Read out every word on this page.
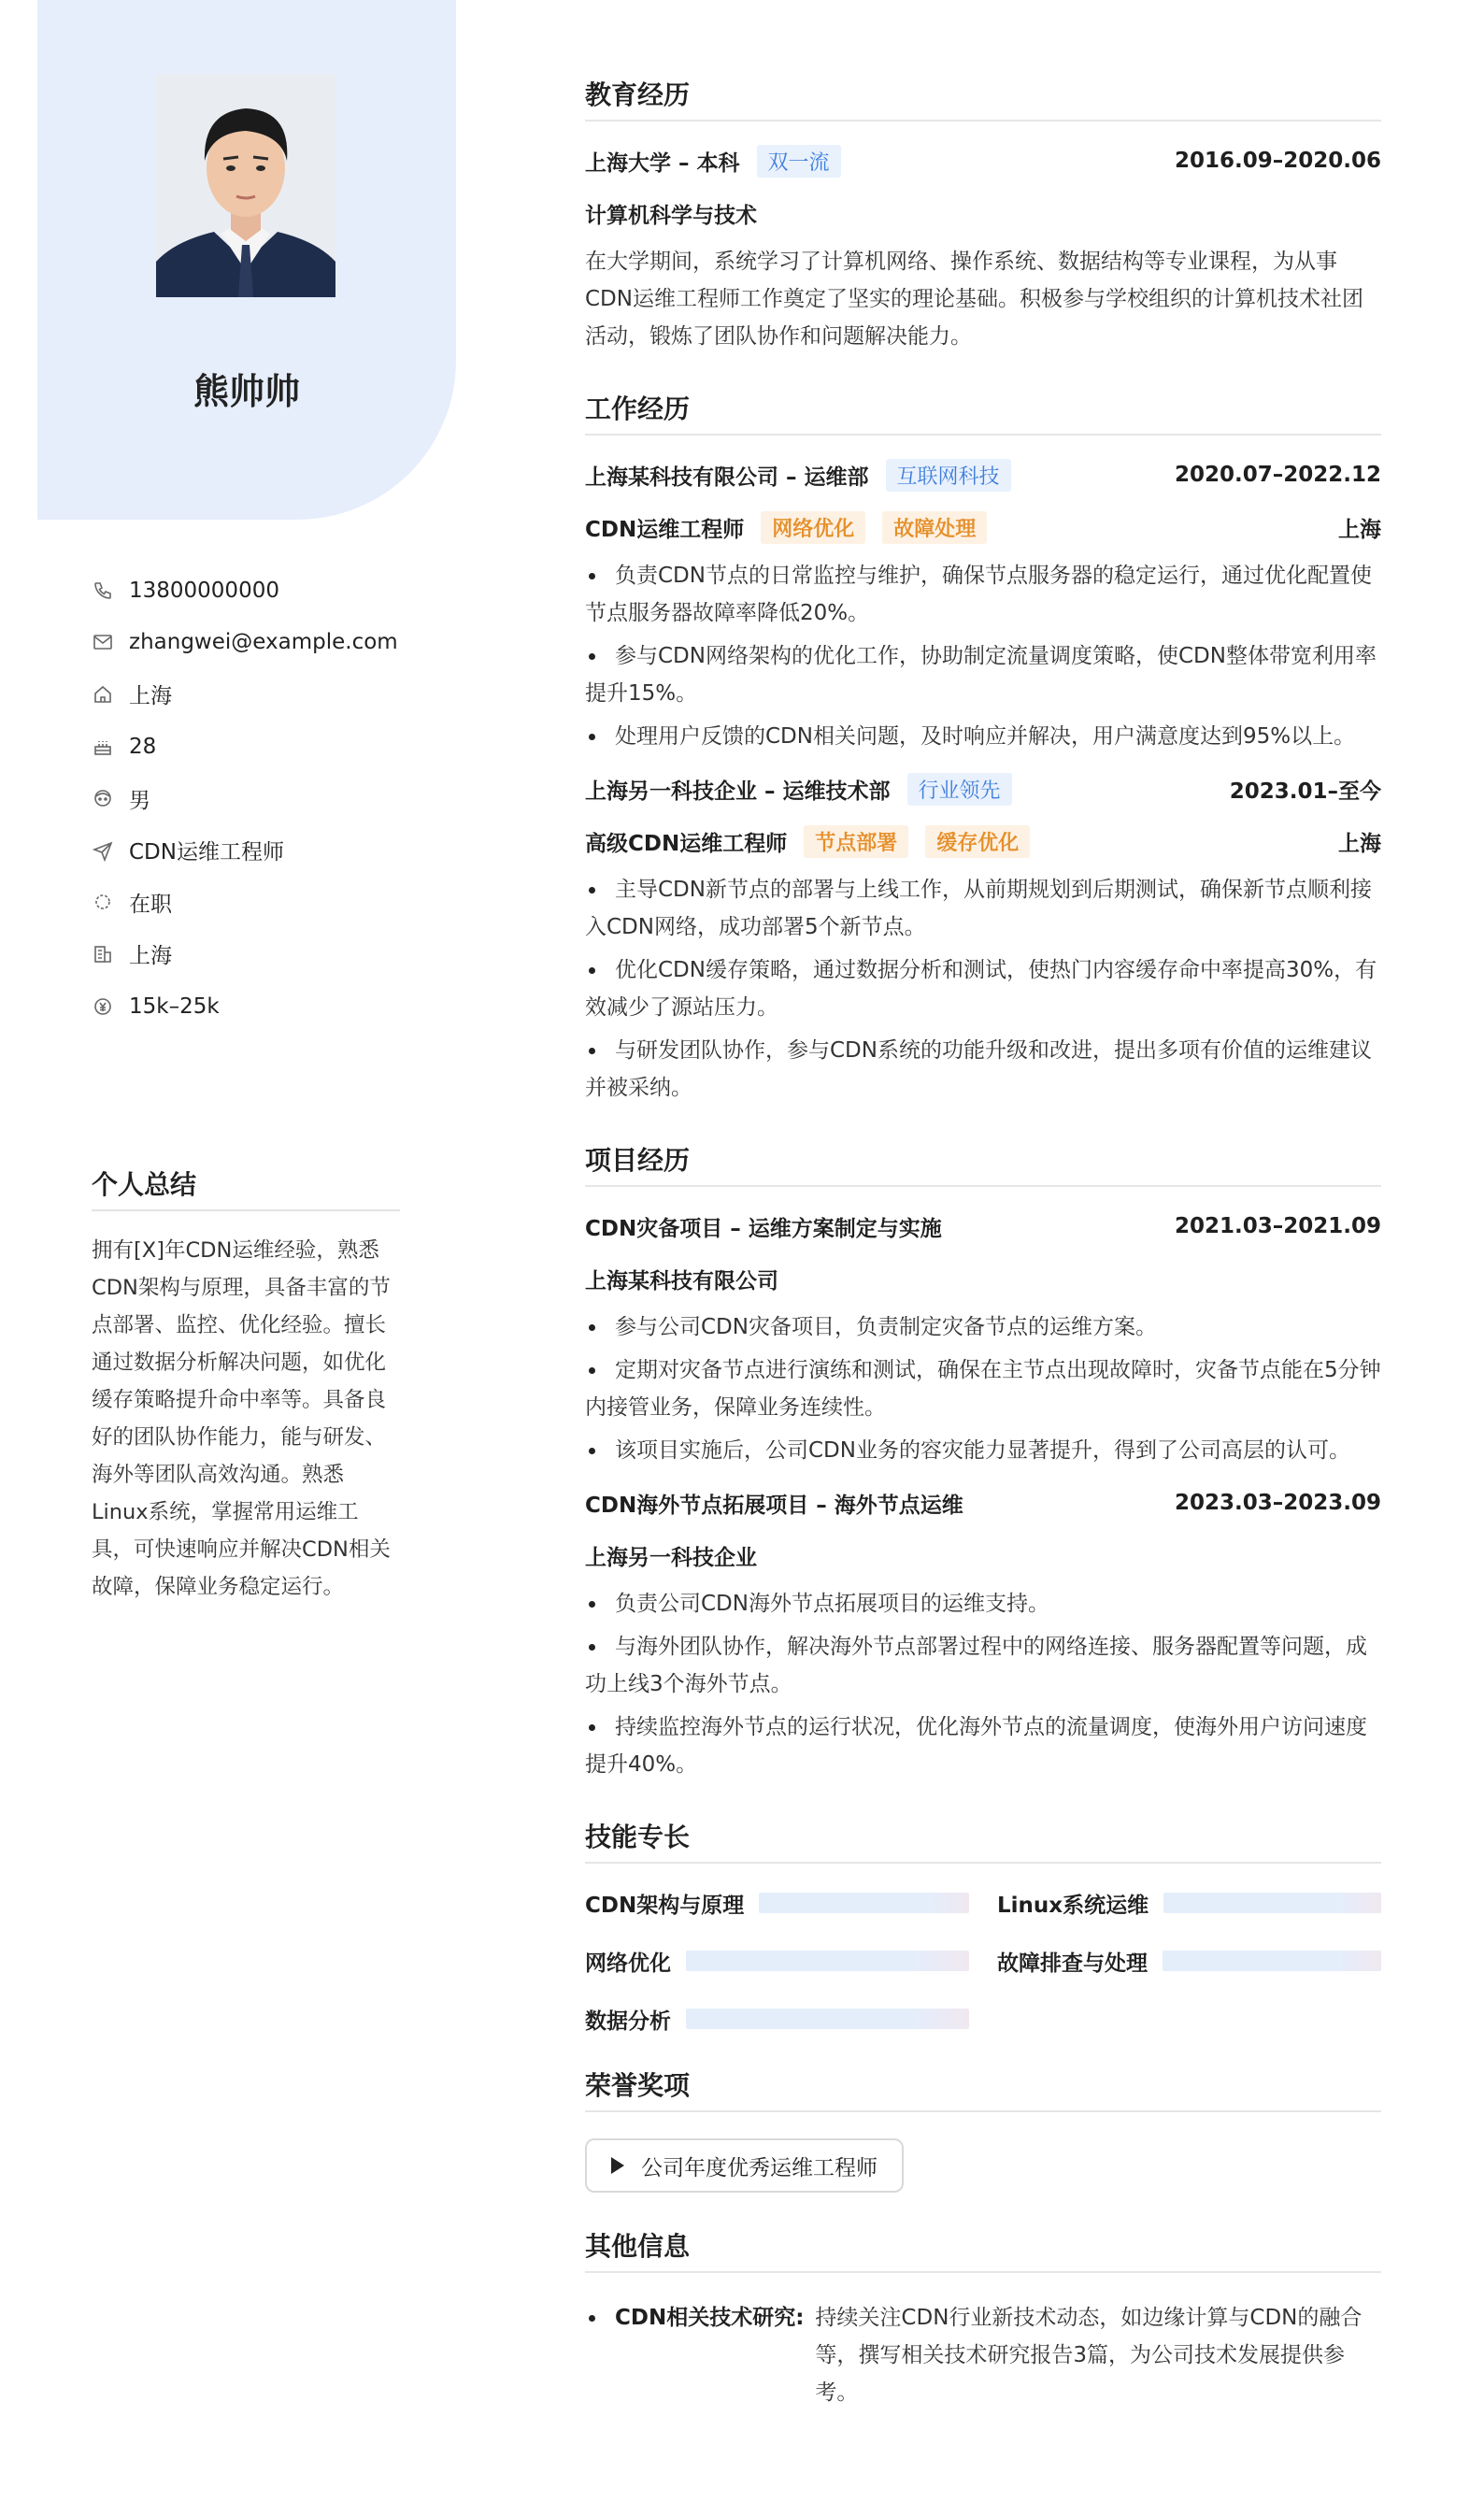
熊帅帅
13800000000
zhangwei@example.com
上海
28
男
CDN运维工程师
在职
上海
15k–25k
个人总结
拥有[X]年CDN运维经验，熟悉CDN架构与原理，具备丰富的节点部署、监控、优化经验。擅长通过数据分析解决问题，如优化缓存策略提升命中率等。具备良好的团队协作能力，能与研发、海外等团队高效沟通。熟悉Linux系统，掌握常用运维工具，可快速响应并解决CDN相关故障，保障业务稳定运行。
教育经历
上海大学 – 本科	双一流	2016.09–2020.06
计算机科学与技术
在大学期间，系统学习了计算机网络、操作系统、数据结构等专业课程，为从事CDN运维工程师工作奠定了坚实的理论基础。积极参与学校组织的计算机技术社团活动，锻炼了团队协作和问题解决能力。
工作经历
上海某科技有限公司 – 运维部	互联网科技	2020.07–2022.12
CDN运维工程师	网络优化	故障处理	上海
负责CDN节点的日常监控与维护，确保节点服务器的稳定运行，通过优化配置使节点服务器故障率降低20%。
参与CDN网络架构的优化工作，协助制定流量调度策略，使CDN整体带宽利用率提升15%。
处理用户反馈的CDN相关问题，及时响应并解决，用户满意度达到95%以上。
上海另一科技企业 – 运维技术部	行业领先	2023.01–至今
高级CDN运维工程师	节点部署	缓存优化	上海
主导CDN新节点的部署与上线工作，从前期规划到后期测试，确保新节点顺利接入CDN网络，成功部署5个新节点。
优化CDN缓存策略，通过数据分析和测试，使热门内容缓存命中率提高30%，有效减少了源站压力。
与研发团队协作，参与CDN系统的功能升级和改进，提出多项有价值的运维建议并被采纳。
项目经历
CDN灾备项目 – 运维方案制定与实施	2021.03–2021.09
上海某科技有限公司
参与公司CDN灾备项目，负责制定灾备节点的运维方案。
定期对灾备节点进行演练和测试，确保在主节点出现故障时，灾备节点能在5分钟内接管业务，保障业务连续性。
该项目实施后，公司CDN业务的容灾能力显著提升，得到了公司高层的认可。
CDN海外节点拓展项目 – 海外节点运维	2023.03–2023.09
上海另一科技企业
负责公司CDN海外节点拓展项目的运维支持。
与海外团队协作，解决海外节点部署过程中的网络连接、服务器配置等问题，成功上线3个海外节点。
持续监控海外节点的运行状况，优化海外节点的流量调度，使海外用户访问速度提升40%。
技能专长
CDN架构与原理	Linux系统运维
网络优化	故障排查与处理
数据分析
荣誉奖项
公司年度优秀运维工程师
其他信息
CDN相关技术研究: 持续关注CDN行业新技术动态，如边缘计算与CDN的融合等，撰写相关技术研究报告3篇，为公司技术发展提供参考。
